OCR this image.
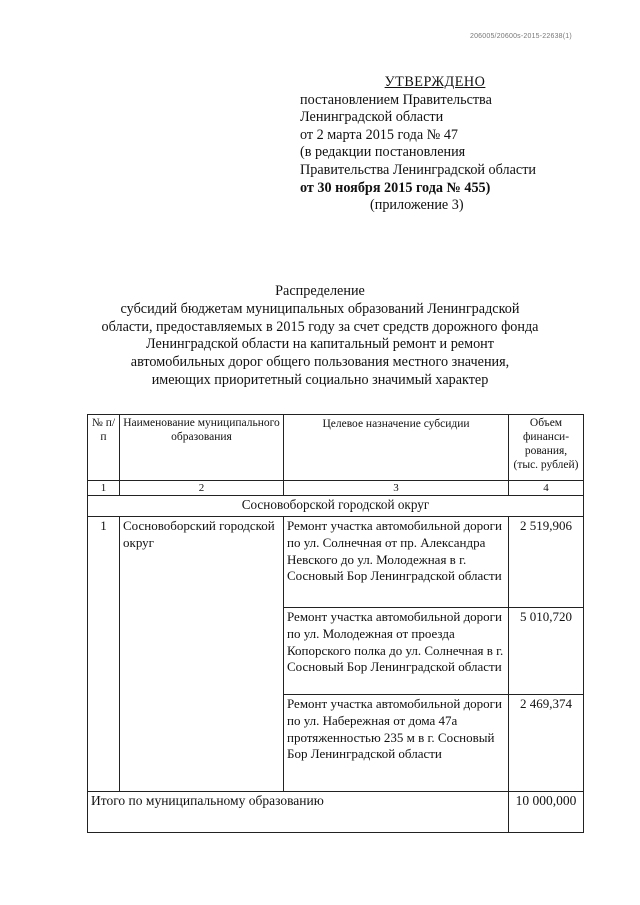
206005/20600s-2015-22638(1)
УТВЕРЖДЕНО
постановлением Правительства
Ленинградской области
от 2 марта 2015 года № 47
(в редакции постановления
Правительства Ленинградской области
от 30 ноября 2015 года № 455)
(приложение 3)
Распределение
субсидий бюджетам муниципальных образований Ленинградской
области, предоставляемых в 2015 году за счет средств дорожного фонда
Ленинградской области на капитальный ремонт и ремонт
автомобильных дорог общего пользования местного значения,
имеющих приоритетный социально значимый характер
№ п/п	Наименование муниципального образования	Целевое назначение субсидии	Объем финанси-рования, (тыс. рублей)
1	2	3	4
Сосновоборской городской округ			
1	Сосновоборский городской округ	Ремонт участка автомобильной дороги по ул. Солнечная от пр. Александра Невского до ул. Молодежная в г. Сосновый Бор Ленинградской области	2 519,906
		Ремонт участка автомобильной дороги по ул. Молодежная от проезда Копорского полка до ул. Солнечная в г. Сосновый Бор Ленинградской области	5 010,720
		Ремонт участка автомобильной дороги по ул. Набережная от дома 47а протяженностью 235 м в г. Сосновый Бор Ленинградской области	2 469,374
Итого по муниципальному образованию			10 000,000
